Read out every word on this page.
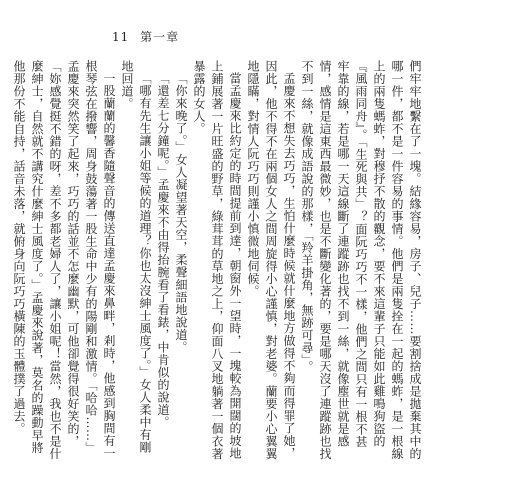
11 第一章

們牢牢地繫在了一塊。結緣容易，房子、兒子……要割捨成是拋棄其中的哪一件，都不是一件容易的事情。他們是兩隻拴在一起的螞蚱，是一根線上的兩隻螞蚱，對穆抒不散的觀念，要不來這輩子只能如此雞鳴狗盜的『風雨同舟』。「生死與共」？面阮巧巧不一樣，他們之間只有一根不甚牢靠的線，若是哪一天這線斷了連蹤跡也找不到一絲，就像塵世就是感情，感情是這東西最微妙，也是不斷變化著的，要是哪天沒了連蹤跡也找不到一絲，就像成語說的那樣，「羚羊掛角，無跡可尋」。

孟慶來不想失去巧巧，生怕什麼時候就什麼地方做得不夠而得罪了她，因此，他不得不在兩個女人之間周旋得小心謹慎，對老婆。蘭要小心翼翼地隱瞞，對情人阮巧巧則謹小慎微地伺候。

當孟慶來比約定的時間提前到達，朝窗外一望時，一塊較為開闊的坡地上鋪展著一片旺盛的野草，綠茸茸的草地之上，仰面八叉地躺著一個衣著暴露的女人。

「你來晚了。」女人凝望著天空，柔聲細語地說道。

「還差七分鐘呢。」孟慶來不由得抬腕看了看錶，中肯似的說道。

「哪有先生讓小姐等候的道理？你也太沒紳士風度了。」女人柔中有剛地回道。

一股蘭蘭的馨香隨聲音的傳送直達孟慶來鼻畔，剎時，他感到胸間有一根琴弦在撥響，周身鼓蕩著一股生命中少有的陽剛和激情。「哈哈……」孟慶來突然笑了起來，巧巧的話並不怎麼幽默，可他卻覺得很好笑的，「妳感覺挺不錯的呀，差不多都老婦人了，讓小姐呢！當然，我也不是什麼紳士，自然就不講究什麼紳士風度了。」孟慶來說著，莫名的躁動早將他那份不能自持，話音未落，就俯身向阮巧巧橫陳的玉體撲了過去。
